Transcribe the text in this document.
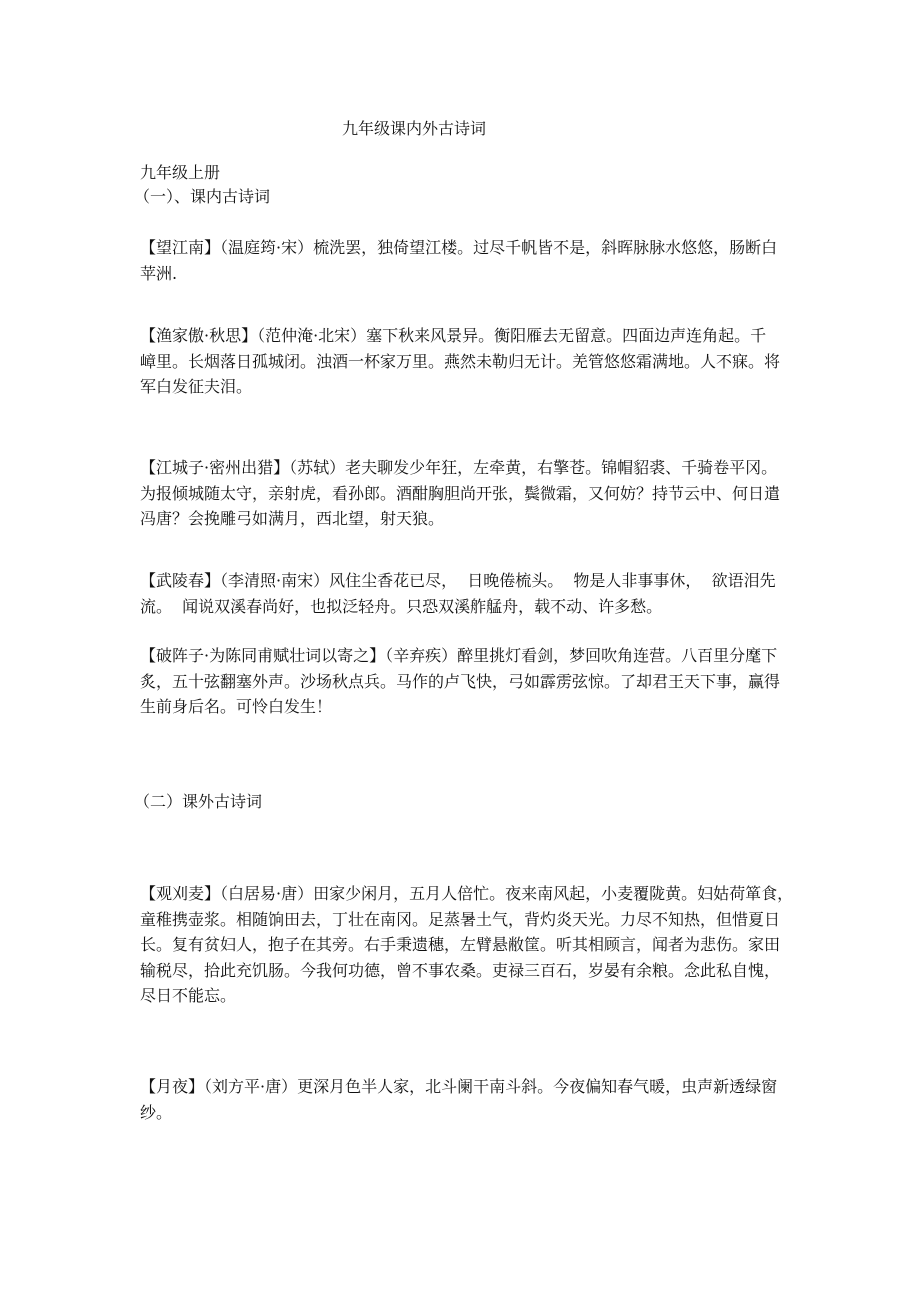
九年级课内外古诗词
九年级上册
（一）、课内古诗词
【望江南】（温庭筠·宋）梳洗罢，独倚望江楼。过尽千帆皆不是，斜晖脉脉水悠悠，肠断白
苹洲.
【渔家傲·秋思】（范仲淹·北宋）塞下秋来风景异。衡阳雁去无留意。四面边声连角起。千
嶂里。长烟落日孤城闭。浊酒一杯家万里。燕然未勒归无计。羌管悠悠霜满地。人不寐。将
军白发征夫泪。
【江城子·密州出猎】（苏轼）老夫聊发少年狂，左牵黄，右擎苍。锦帽貂裘、千骑卷平冈。
为报倾城随太守，亲射虎，看孙郎。酒酣胸胆尚开张，鬓微霜，又何妨？持节云中、何日遣
冯唐？会挽雕弓如满月，西北望，射天狼。
【武陵春】（李清照·南宋）风住尘香花已尽，  日晚倦梳头。  物是人非事事休，  欲语泪先
流。  闻说双溪春尚好，也拟泛轻舟。只恐双溪舴艋舟，载不动、许多愁。
【破阵子·为陈同甫赋壮词以寄之】（辛弃疾）醉里挑灯看剑，梦回吹角连营。八百里分麾下
炙，五十弦翻塞外声。沙场秋点兵。马作的卢飞快，弓如霹雳弦惊。了却君王天下事，赢得
生前身后名。可怜白发生！
（二）课外古诗词
【观刈麦】（白居易·唐）田家少闲月，五月人倍忙。夜来南风起，小麦覆陇黄。妇姑荷箪食，
童稚携壶浆。相随饷田去，丁壮在南冈。足蒸暑土气，背灼炎天光。力尽不知热，但惜夏日
长。复有贫妇人，抱子在其旁。右手秉遗穗，左臂悬敝筐。听其相顾言，闻者为悲伤。家田
输税尽，拾此充饥肠。今我何功德，曾不事农桑。吏禄三百石，岁晏有余粮。念此私自愧，
尽日不能忘。
【月夜】（刘方平·唐）更深月色半人家，北斗阑干南斗斜。今夜偏知春气暖，虫声新透绿窗
纱。
